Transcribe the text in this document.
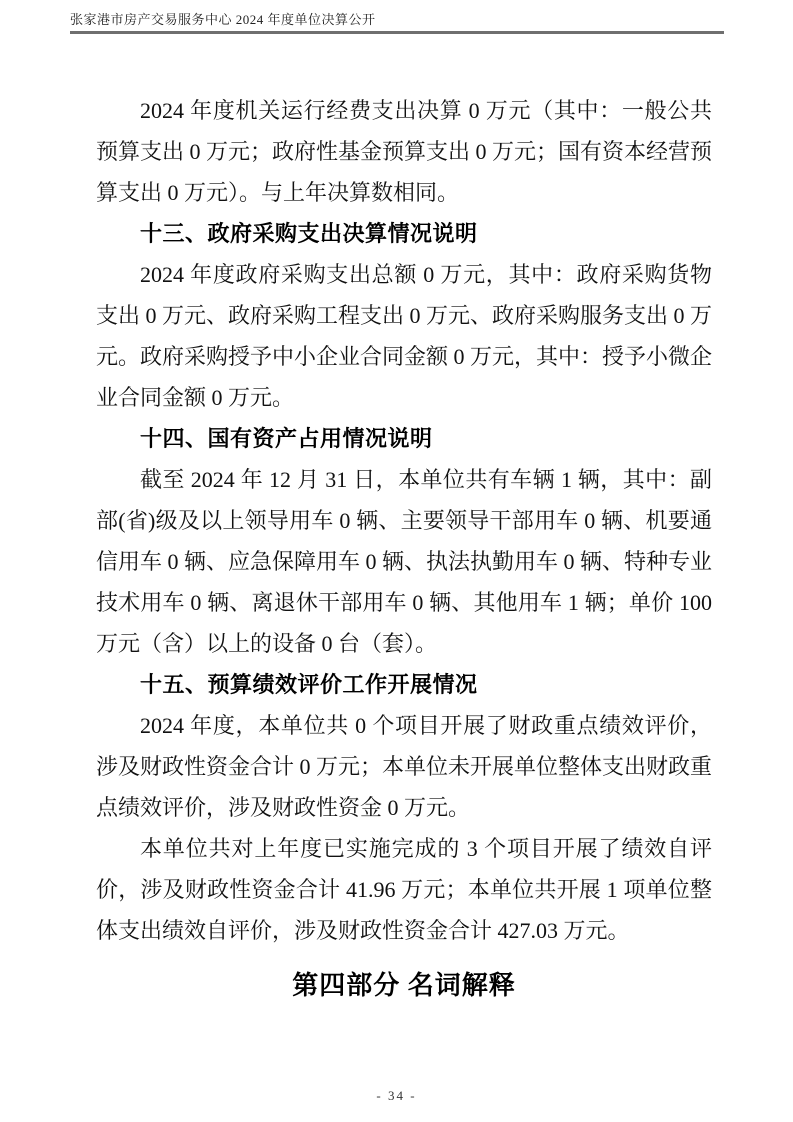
张家港市房产交易服务中心 2024 年度单位决算公开

2024 年度机关运行经费支出决算 0 万元（其中：一般公共预算支出 0 万元；政府性基金预算支出 0 万元；国有资本经营预算支出 0 万元）。与上年决算数相同。

十三、政府采购支出决算情况说明

2024 年度政府采购支出总额 0 万元，其中：政府采购货物支出 0 万元、政府采购工程支出 0 万元、政府采购服务支出 0 万元。政府采购授予中小企业合同金额 0 万元，其中：授予小微企业合同金额 0 万元。

十四、国有资产占用情况说明

截至 2024 年 12 月 31 日，本单位共有车辆 1 辆，其中：副部(省)级及以上领导用车 0 辆、主要领导干部用车 0 辆、机要通信用车 0 辆、应急保障用车 0 辆、执法执勤用车 0 辆、特种专业技术用车 0 辆、离退休干部用车 0 辆、其他用车 1 辆；单价 100 万元（含）以上的设备 0 台（套）。

十五、预算绩效评价工作开展情况

2024 年度，本单位共 0 个项目开展了财政重点绩效评价，涉及财政性资金合计 0 万元；本单位未开展单位整体支出财政重点绩效评价，涉及财政性资金 0 万元。

本单位共对上年度已实施完成的 3 个项目开展了绩效自评价，涉及财政性资金合计 41.96 万元；本单位共开展 1 项单位整体支出绩效自评价，涉及财政性资金合计 427.03 万元。

第四部分 名词解释
- 34 -
